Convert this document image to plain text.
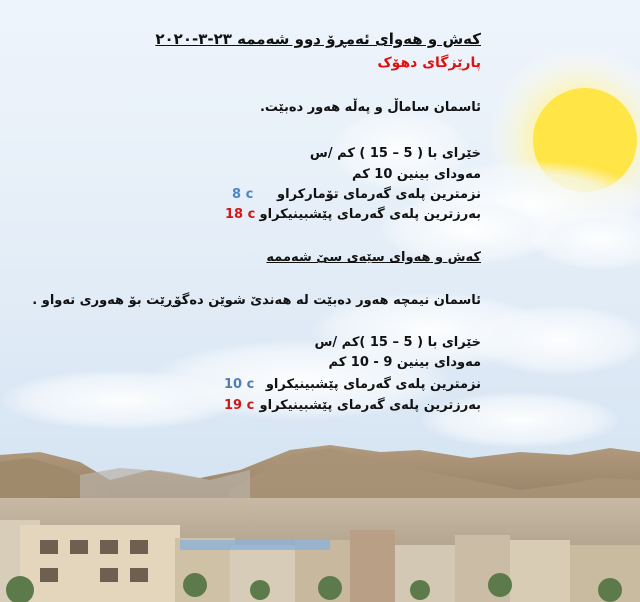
کەش و هەوای ئەمڕۆ دوو شەممە ٢٣-٣-٢٠٢٠
پارێزگای دهۆک
ئاسمان ساماڵ و پەڵە هەور دەبێت.
خێرای با ( 5 – 15 ) کم /س
مەودای بینین 10 کم
نزمترین پلەی گەرمای تۆمارکراو
8 c
بەرزترین پلەی گەرمای پێشبینیکراو
18 c
کەش و هەوای سێەی سێ شەممە
ئاسمان نیمچە هەور دەبێت لە هەندێ شوێن دەگۆڕێت بۆ هەوری تەواو .
خێرای با ( 5 – 15 )کم /س
مەودای بینین 9 - 10 کم
نزمترین پلەی گەرمای پێشبینیکراو
10 c
بەرزترین پلەی گەرمای پێشبینیکراو
19 c
